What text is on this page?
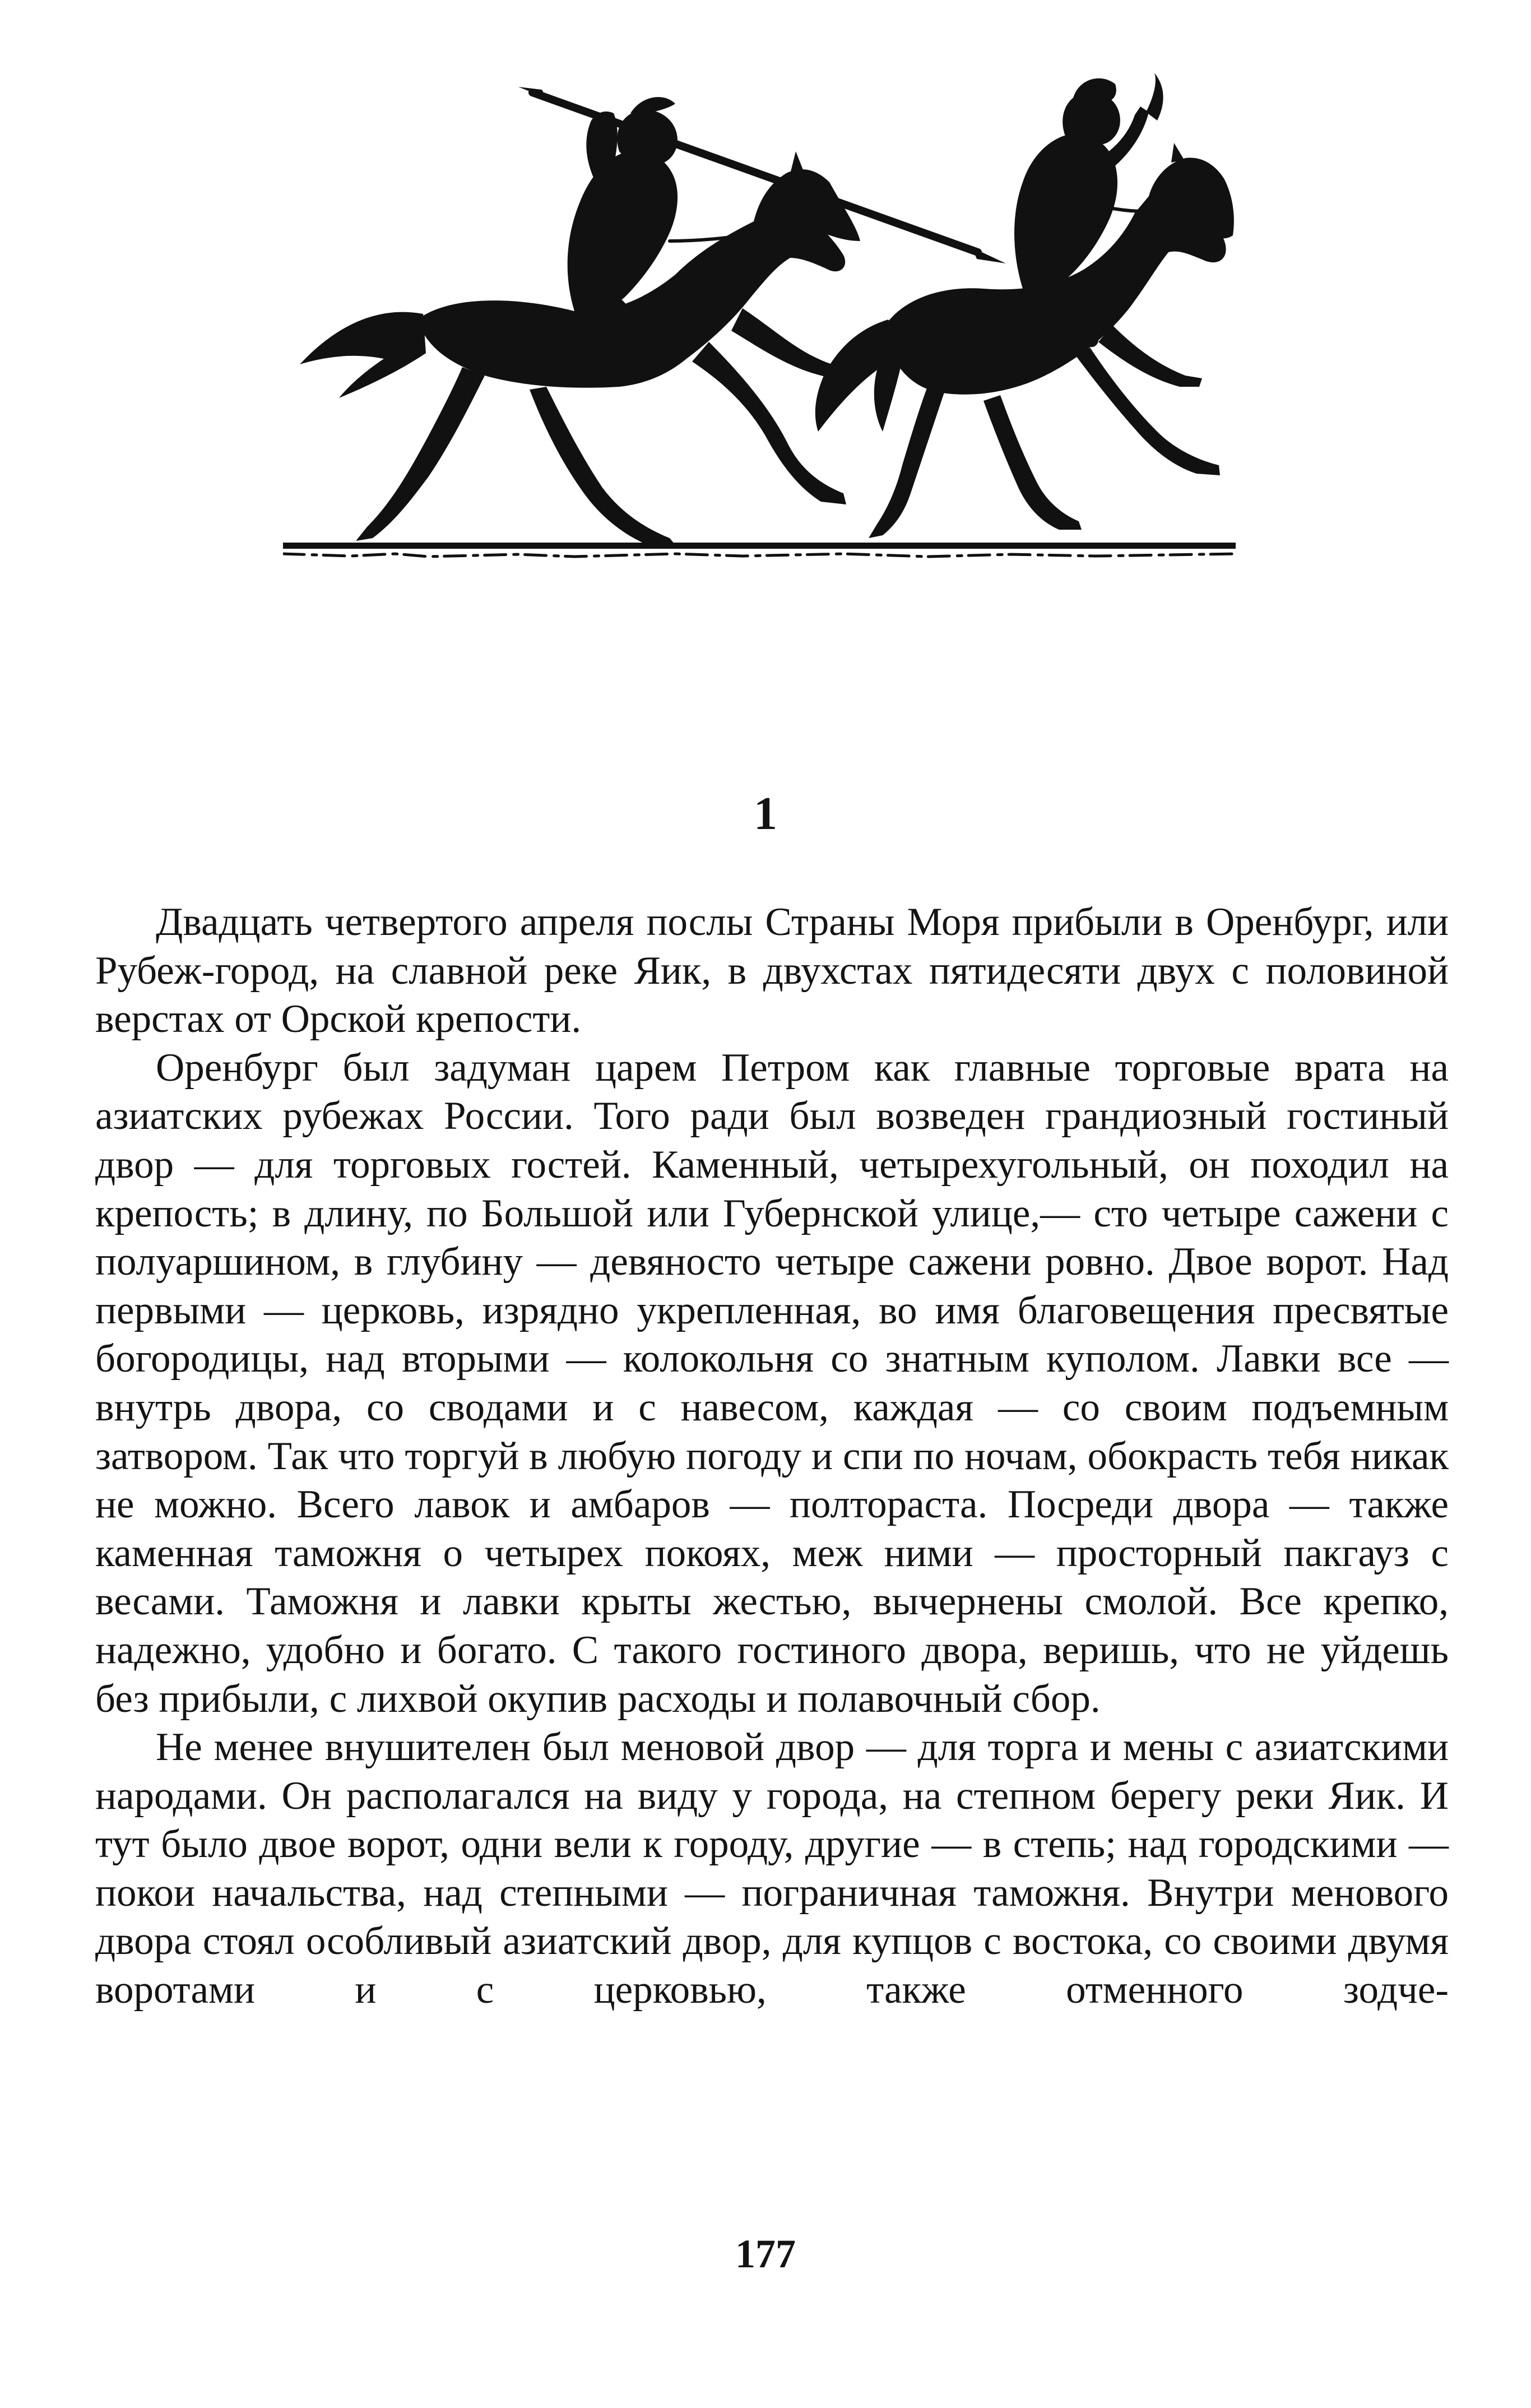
1

Двадцать четвертого апреля послы Страны Моря прибыли в Оренбург, или Рубеж-город, на славной реке Яик, в двухстах пятидесяти двух с половиной верстах от Орской крепости.

Оренбург был задуман царем Петром как главные торговые врата на азиатских рубежах России. Того ради был возведен грандиозный гостиный двор — для торговых гостей. Каменный, четырехугольный, он походил на крепость; в длину, по Большой или Губернской улице,— сто четыре сажени с полуаршином, в глубину — девяносто четыре сажени ровно. Двое ворот. Над первыми — церковь, изрядно укрепленная, во имя благовещения пресвятые богородицы, над вторыми — колокольня со знатным куполом. Лавки все — внутрь двора, со сводами и с навесом, каждая — со своим подъемным затвором. Так что торгуй в любую погоду и спи по ночам, обокрасть тебя никак не можно. Всего лавок и амбаров — полтораста. Посреди двора — также каменная таможня о четырех покоях, меж ними — просторный пакгауз с весами. Таможня и лавки крыты жестью, вычернены смолой. Все крепко, надежно, удобно и богато. С такого гостиного двора, веришь, что не уйдешь без прибыли, с лихвой окупив расходы и полавочный сбор.

Не менее внушителен был меновой двор — для торга и мены с азиатскими народами. Он располагался на виду у города, на степном берегу реки Яик. И тут было двое ворот, одни вели к городу, другие — в степь; над городскими — покои начальства, над степными — пограничная таможня. Внутри менового двора стоял особливый азиатский двор, для купцов с востока, со своими двумя воротами и с церковью, также отменного зодче-

177
